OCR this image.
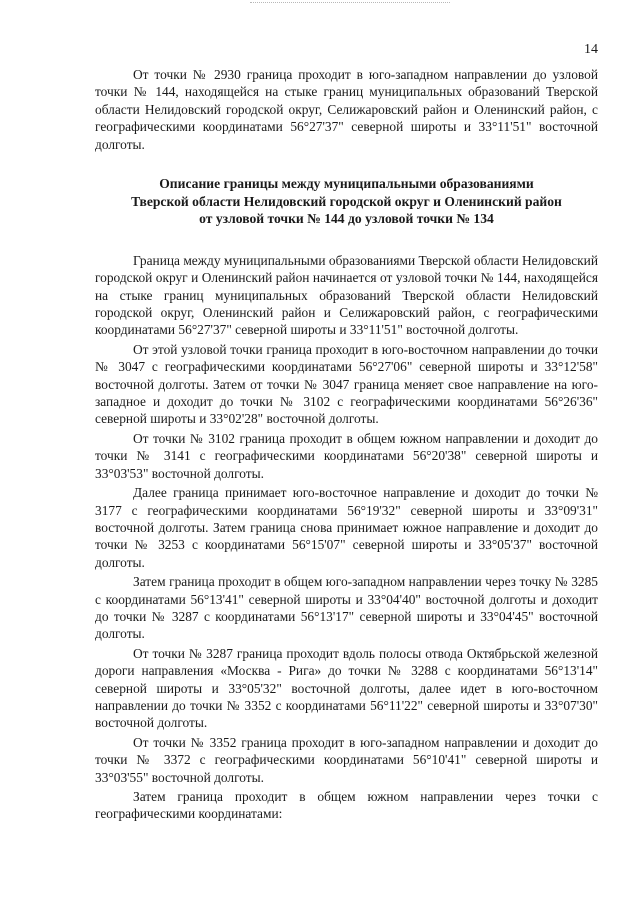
14

От точки № 2930 граница проходит в юго-западном направлении до узловой точки № 144, находящейся на стыке границ муниципальных образований Тверской области Нелидовский городской округ, Селижаровский район и Оленинский район, с географическими координатами 56°27'37" северной широты и 33°11'51" восточной долготы.

Описание границы между муниципальными образованиями
Тверской области Нелидовский городской округ и Оленинский район
от узловой точки № 144 до узловой точки № 134

Граница между муниципальными образованиями Тверской области Нелидовский городской округ и Оленинский район начинается от узловой точки № 144, находящейся на стыке границ муниципальных образований Тверской области Нелидовский городской округ, Оленинский район и Селижаровский район, с географическими координатами 56°27'37" северной широты и 33°11'51" восточной долготы.

От этой узловой точки граница проходит в юго-восточном направлении до точки № 3047 с географическими координатами 56°27'06" северной широты и 33°12'58" восточной долготы. Затем от точки № 3047 граница меняет свое направление на юго-западное и доходит до точки № 3102 с географическими координатами 56°26'36" северной широты и 33°02'28" восточной долготы.

От точки № 3102 граница проходит в общем южном направлении и доходит до точки № 3141 с географическими координатами 56°20'38" северной широты и 33°03'53" восточной долготы.

Далее граница принимает юго-восточное направление и доходит до точки № 3177 с географическими координатами 56°19'32" северной широты и 33°09'31" восточной долготы. Затем граница снова принимает южное направление и доходит до точки № 3253 с координатами 56°15'07" северной широты и 33°05'37" восточной долготы.

Затем граница проходит в общем юго-западном направлении через точку № 3285 с координатами 56°13'41" северной широты и 33°04'40" восточной долготы и доходит до точки № 3287 с координатами 56°13'17" северной широты и 33°04'45" восточной долготы.

От точки № 3287 граница проходит вдоль полосы отвода Октябрьской железной дороги направления «Москва - Рига» до точки № 3288 с координатами 56°13'14" северной широты и 33°05'32" восточной долготы, далее идет в юго-восточном направлении до точки № 3352 с координатами 56°11'22" северной широты и 33°07'30" восточной долготы.

От точки № 3352 граница проходит в юго-западном направлении и доходит до точки № 3372 с географическими координатами 56°10'41" северной широты и 33°03'55" восточной долготы.

Затем граница проходит в общем южном направлении через точки с географическими координатами:
